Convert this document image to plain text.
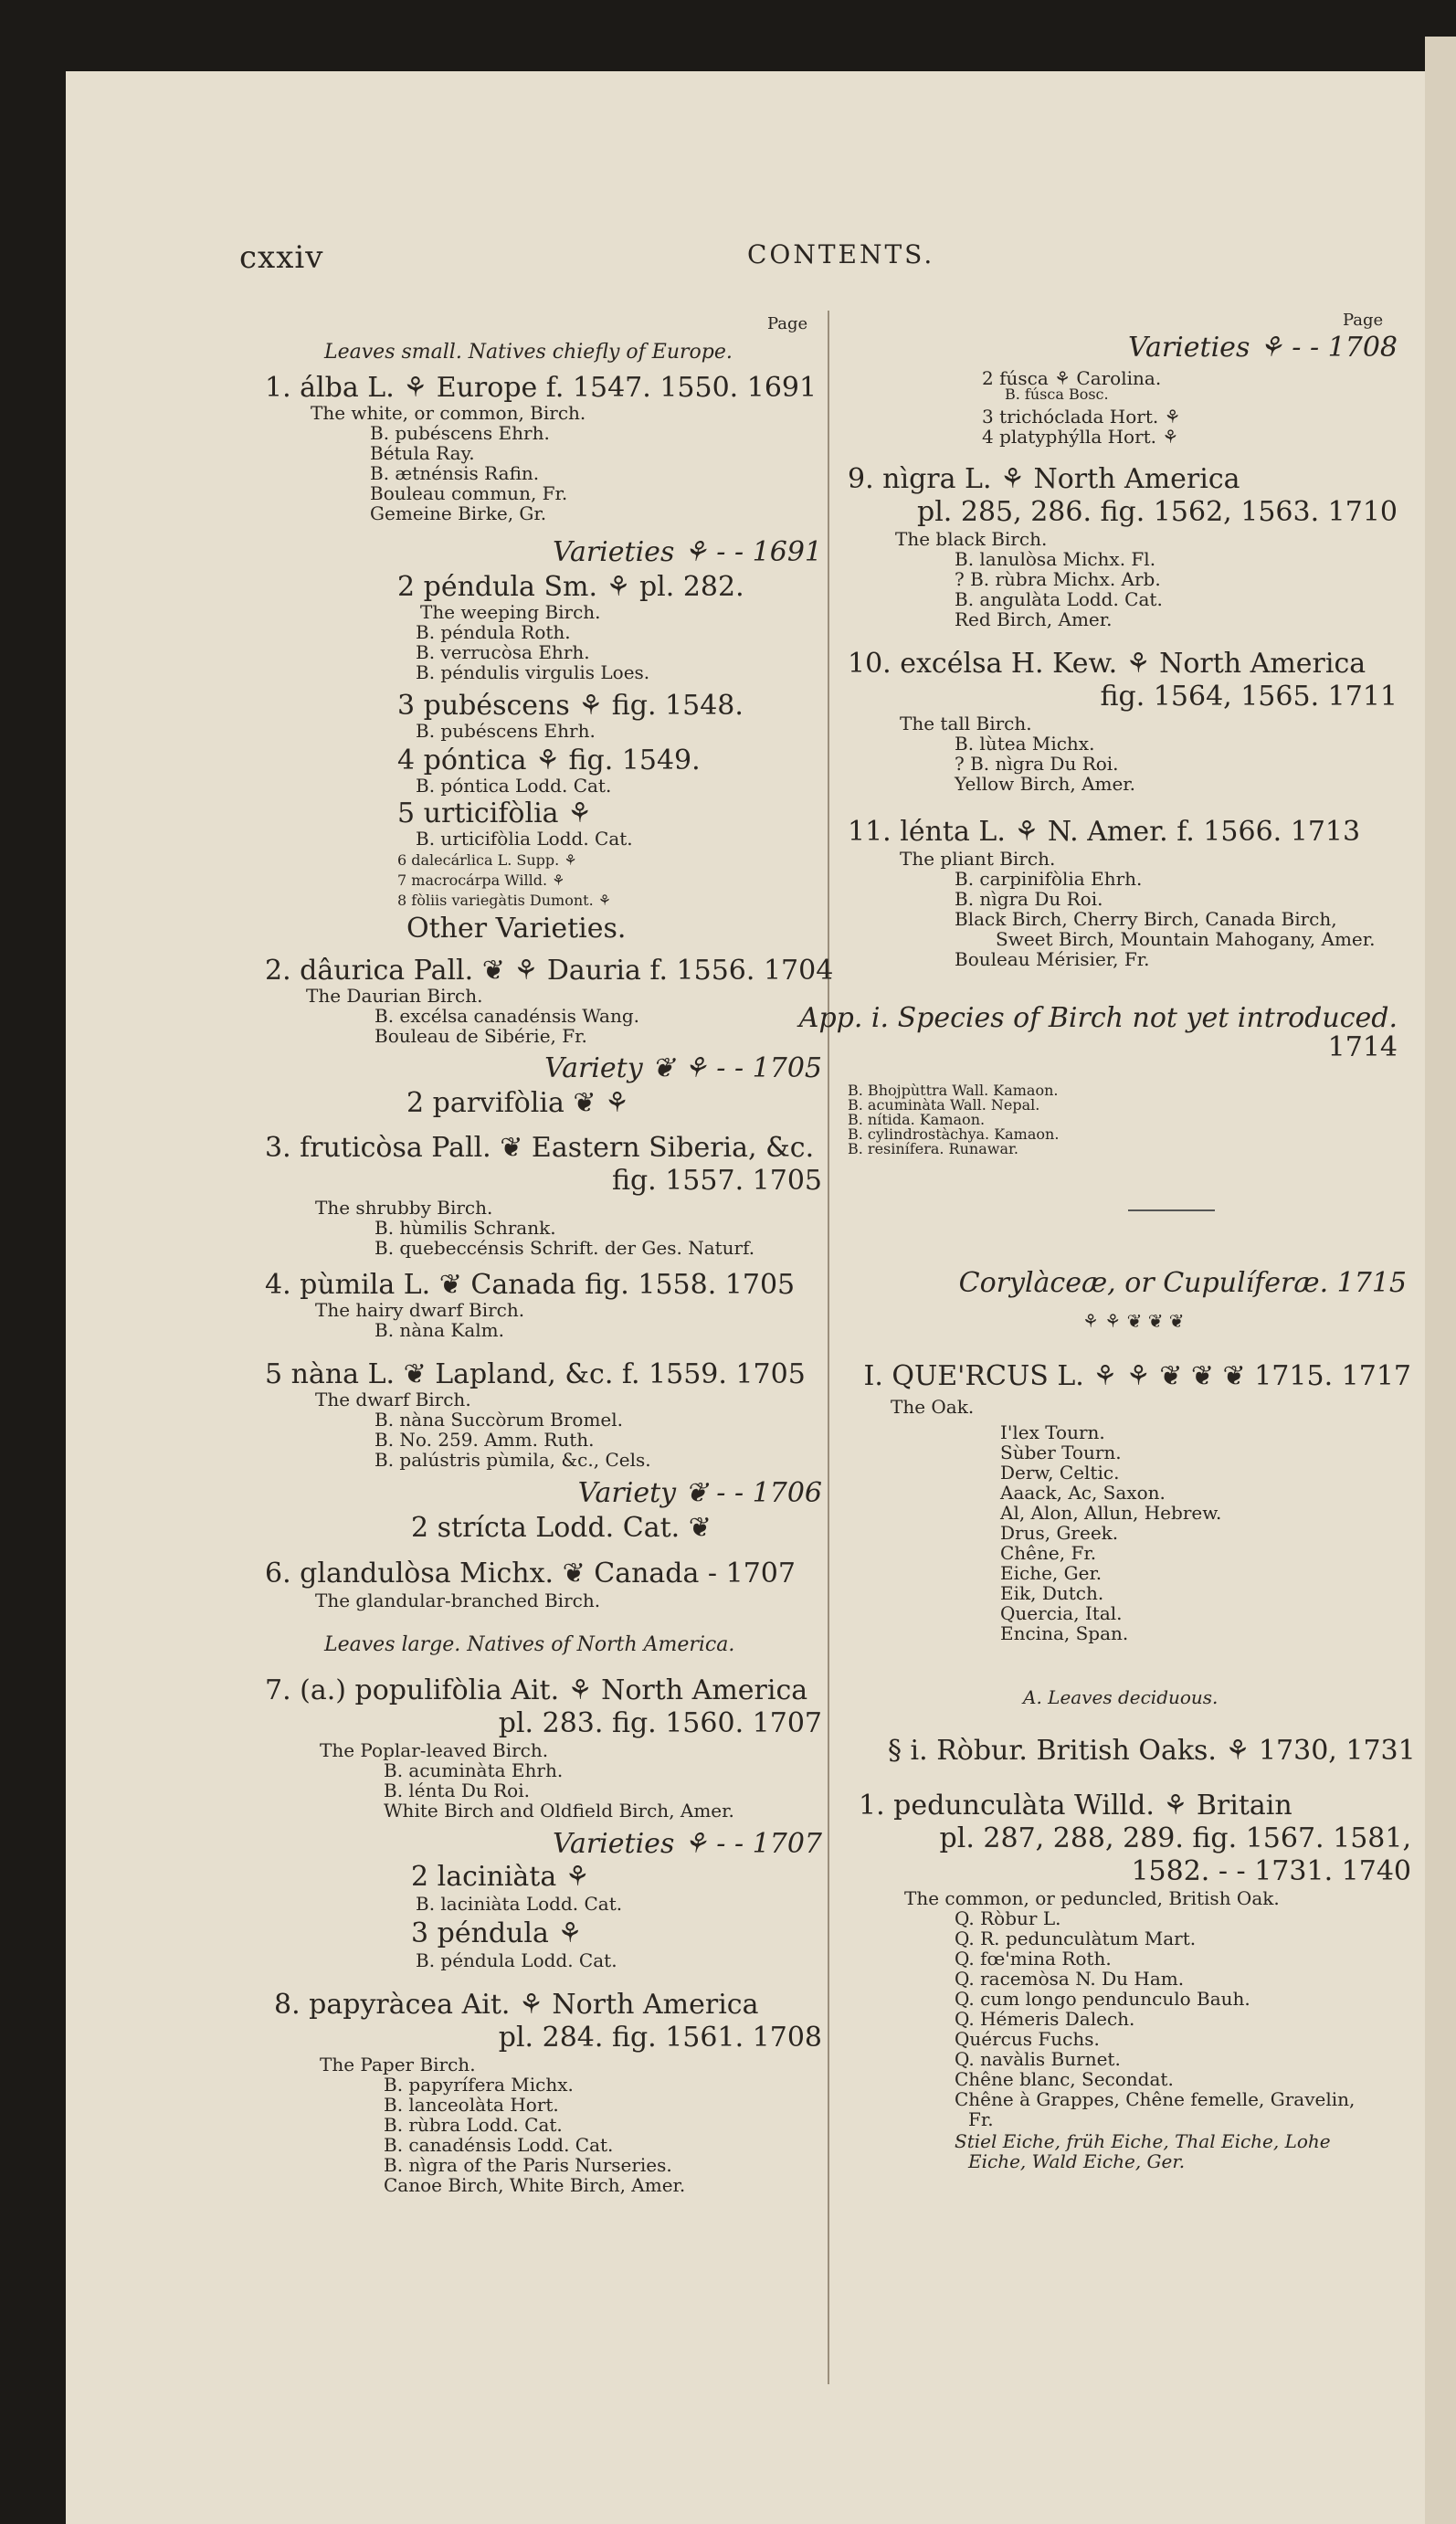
cxxiv	CONTENTS.
Page	Page
Leaves small. Natives chiefly of Europe.
1. álba L. ⚘ Europe f. 1547. 1550. 1691
The white, or common, Birch.
B. pubéscens Ehrh.
Bétula Ray.
B. ætnénsis Rafin.
Bouleau commun, Fr.
Gemeine Birke, Gr.
Varieties ⚘ - - 1691
2 péndula Sm. ⚘ pl. 282.
The weeping Birch.
B. péndula Roth.
B. verrucòsa Ehrh.
B. péndulis virgulis Loes.
3 pubéscens ⚘ fig. 1548.
B. pubéscens Ehrh.
4 póntica ⚘ fig. 1549.
B. póntica Lodd. Cat.
5 urticifòlia ⚘
B. urticifòlia Lodd. Cat.
6 dalecárlica L. Supp. ⚘
7 macrocárpa Willd. ⚘
8 fòliis variegàtis Dumont. ⚘
Other Varieties.
2. dâurica Pall. ❦ ⚘ Dauria f. 1556. 1704
The Daurian Birch.
B. excélsa canadénsis Wang.
Bouleau de Sibérie, Fr.
Variety ❦ ⚘ - - 1705
2 parvifòlia ❦ ⚘
3. fruticòsa Pall. ❦ Eastern Siberia, &c.
fig. 1557. 1705
The shrubby Birch.
B. hùmilis Schrank.
B. quebeccénsis Schrift. der Ges. Naturf.
4. pùmila L. ❦ Canada fig. 1558. 1705
The hairy dwarf Birch.
B. nàna Kalm.
5 nàna L. ❦ Lapland, &c. f. 1559. 1705
The dwarf Birch.
B. nàna Succòrum Bromel.
B. No. 259. Amm. Ruth.
B. palústris pùmila, &c., Cels.
Variety ❦ - - 1706
2 strícta Lodd. Cat. ❦
6. glandulòsa Michx. ❦ Canada - 1707
The glandular-branched Birch.
Leaves large. Natives of North America.
7. (a.) populifòlia Ait. ⚘ North America
pl. 283. fig. 1560. 1707
The Poplar-leaved Birch.
B. acuminàta Ehrh.
B. lénta Du Roi.
White Birch and Oldfield Birch, Amer.
Varieties ⚘ - - 1707
2 laciniàta ⚘
B. laciniàta Lodd. Cat.
3 péndula ⚘
B. péndula Lodd. Cat.
8. papyràcea Ait. ⚘ North America
pl. 284. fig. 1561. 1708
The Paper Birch.
B. papyrífera Michx.
B. lanceolàta Hort.
B. rùbra Lodd. Cat.
B. canadénsis Lodd. Cat.
B. nìgra of the Paris Nurseries.
Canoe Birch, White Birch, Amer.
Varieties ⚘ - - 1708
2 fúsca ⚘ Carolina.
B. fúsca Bosc.
3 trichóclada Hort. ⚘
4 platyphýlla Hort. ⚘
9. nìgra L. ⚘ North America
pl. 285, 286. fig. 1562, 1563. 1710
The black Birch.
B. lanulòsa Michx. Fl.
? B. rùbra Michx. Arb.
B. angulàta Lodd. Cat.
Red Birch, Amer.
10. excélsa H. Kew. ⚘ North America
fig. 1564, 1565. 1711
The tall Birch.
B. lùtea Michx.
? B. nìgra Du Roi.
Yellow Birch, Amer.
11. lénta L. ⚘ N. Amer. f. 1566. 1713
The pliant Birch.
B. carpinifòlia Ehrh.
B. nìgra Du Roi.
Black Birch, Cherry Birch, Canada Birch,
Sweet Birch, Mountain Mahogany, Amer.
Bouleau Mérisier, Fr.
App. i. Species of Birch not yet introduced.
1714
B. Bhojpùttra Wall. Kamaon.
B. acuminàta Wall. Nepal.
B. nítida. Kamaon.
B. cylindrostàchya. Kamaon.
B. resinífera. Runawar.
Corylàceæ, or Cupulíferæ. 1715
⚘ ⚘ ❦ ❦ ❦
I. QUE'RCUS L. ⚘ ⚘ ❦ ❦ ❦ 1715. 1717
The Oak.
I'lex Tourn.
Sùber Tourn.
Derw, Celtic.
Aaack, Ac, Saxon.
Al, Alon, Allun, Hebrew.
Drus, Greek.
Chêne, Fr.
Eiche, Ger.
Eik, Dutch.
Quercia, Ital.
Encina, Span.
A. Leaves deciduous.
§ i. Ròbur. British Oaks. ⚘ 1730, 1731
1. pedunculàta Willd. ⚘ Britain
pl. 287, 288, 289. fig. 1567. 1581,
1582. - - 1731. 1740
The common, or peduncled, British Oak.
Q. Ròbur L.
Q. R. pedunculàtum Mart.
Q. fœ'mina Roth.
Q. racemòsa N. Du Ham.
Q. cum longo pendunculo Bauh.
Q. Hémeris Dalech.
Quércus Fuchs.
Q. navàlis Burnet.
Chêne blanc, Secondat.
Chêne à Grappes, Chêne femelle, Gravelin,
Fr.
Stiel Eiche, früh Eiche, Thal Eiche, Lohe
Eiche, Wald Eiche, Ger.
